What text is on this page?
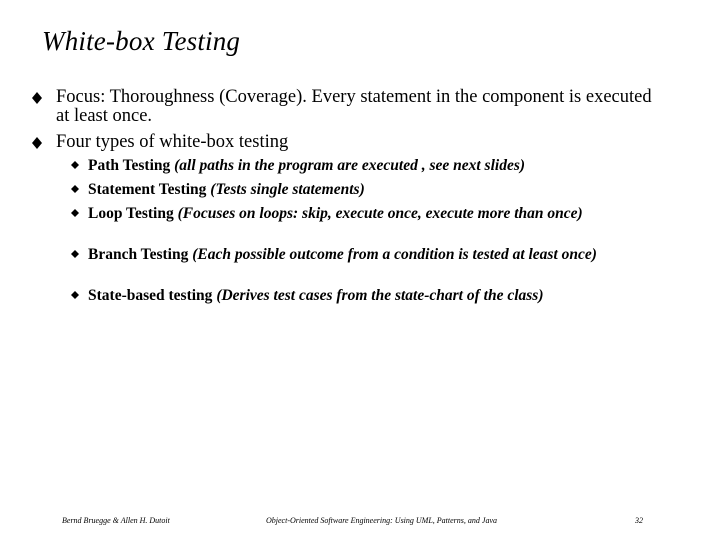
White-box Testing
Focus: Thoroughness (Coverage). Every statement in the component is executed at least once.
Four types of white-box testing
Path Testing (all paths in the program are executed , see next slides)
Statement Testing (Tests single statements)
Loop Testing (Focuses on loops: skip, execute once, execute more than once)
Branch Testing (Each possible outcome from a condition is tested at least once)
State-based testing (Derives test cases from the state-chart of the class)
Bernd Bruegge & Allen H. Dutoit	Object-Oriented Software Engineering: Using UML, Patterns, and Java	32
